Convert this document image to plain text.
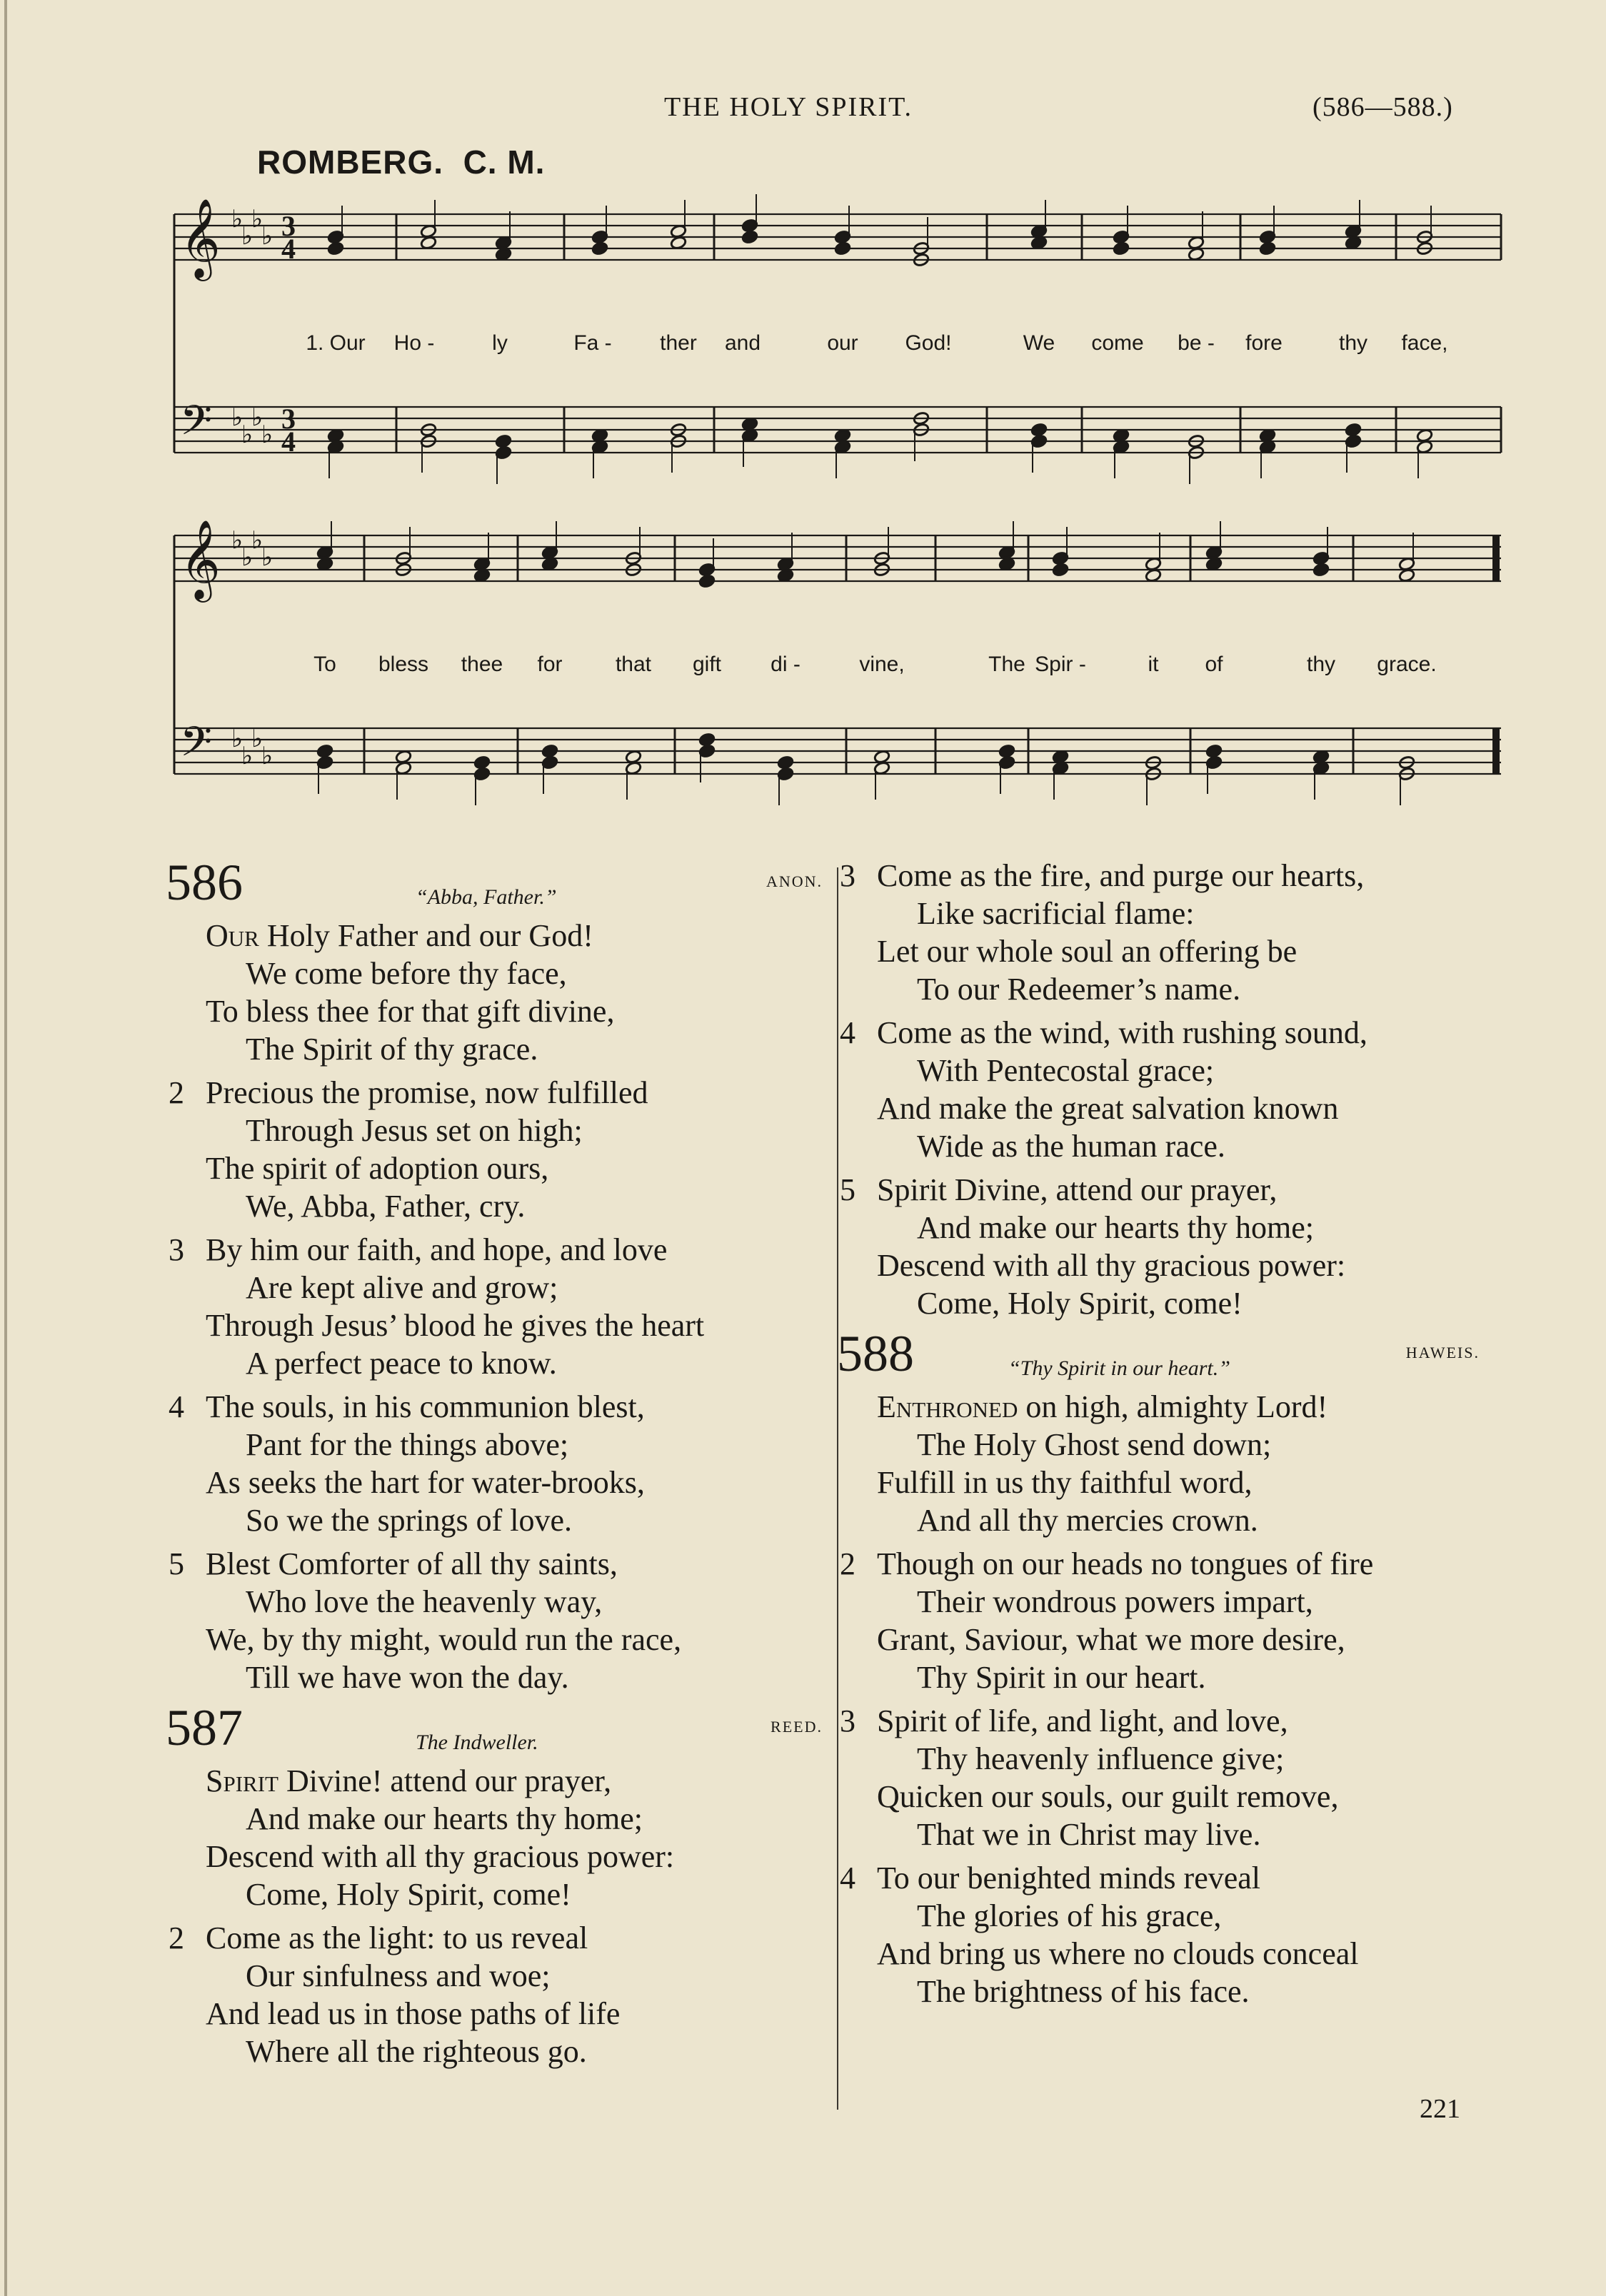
THE HOLY SPIRIT.	(586—588.)
ROMBERG. C. M.
𝄞 ♭
♭
♭
♭ 3
4
𝄢 ♭
♭
♭
♭
3
4
1. Our Ho -	ly	Fa - ther and	our God!	We come be - fore	thy face,
𝄞 ♭
♭
♭
♭
𝄢 ♭
♭
♭
♭
To bless thee for that gift di -	vine,	The Spir -	it of	thy grace.
586	“Abba, Father.”
ANON.
Our Holy Father and our God!
We come before thy face,
To bless thee for that gift divine,
The Spirit of thy grace.
2 Precious the promise, now fulfilled
Through Jesus set on high;
The spirit of adoption ours,
We, Abba, Father, cry.
3 By him our faith, and hope, and love
Are kept alive and grow;
Through Jesus’ blood he gives the heart
A perfect peace to know.
4 The souls, in his communion blest,
Pant for the things above;
As seeks the hart for water-brooks,
So we the springs of love.
5 Blest Comforter of all thy saints,
Who love the heavenly way,
We, by thy might, would run the race,
Till we have won the day.
587	The Indweller.
REED.
Spirit Divine! attend our prayer,
And make our hearts thy home;
Descend with all thy gracious power:
Come, Holy Spirit, come!
2 Come as the light: to us reveal
Our sinfulness and woe;
And lead us in those paths of life
Where all the righteous go.
3 Come as the fire, and purge our hearts,
Like sacrificial flame:
Let our whole soul an offering be
To our Redeemer’s name.
4 Come as the wind, with rushing sound,
With Pentecostal grace;
And make the great salvation known
Wide as the human race.
5 Spirit Divine, attend our prayer,
And make our hearts thy home;
Descend with all thy gracious power:
Come, Holy Spirit, come!
588	“Thy Spirit in our heart.”
HAWEIS.
Enthroned on high, almighty Lord!
The Holy Ghost send down;
Fulfill in us thy faithful word,
And all thy mercies crown.
2 Though on our heads no tongues of fire
Their wondrous powers impart,
Grant, Saviour, what we more desire,
Thy Spirit in our heart.
3 Spirit of life, and light, and love,
Thy heavenly influence give;
Quicken our souls, our guilt remove,
That we in Christ may live.
4 To our benighted minds reveal
The glories of his grace,
And bring us where no clouds conceal
The brightness of his face.
221
